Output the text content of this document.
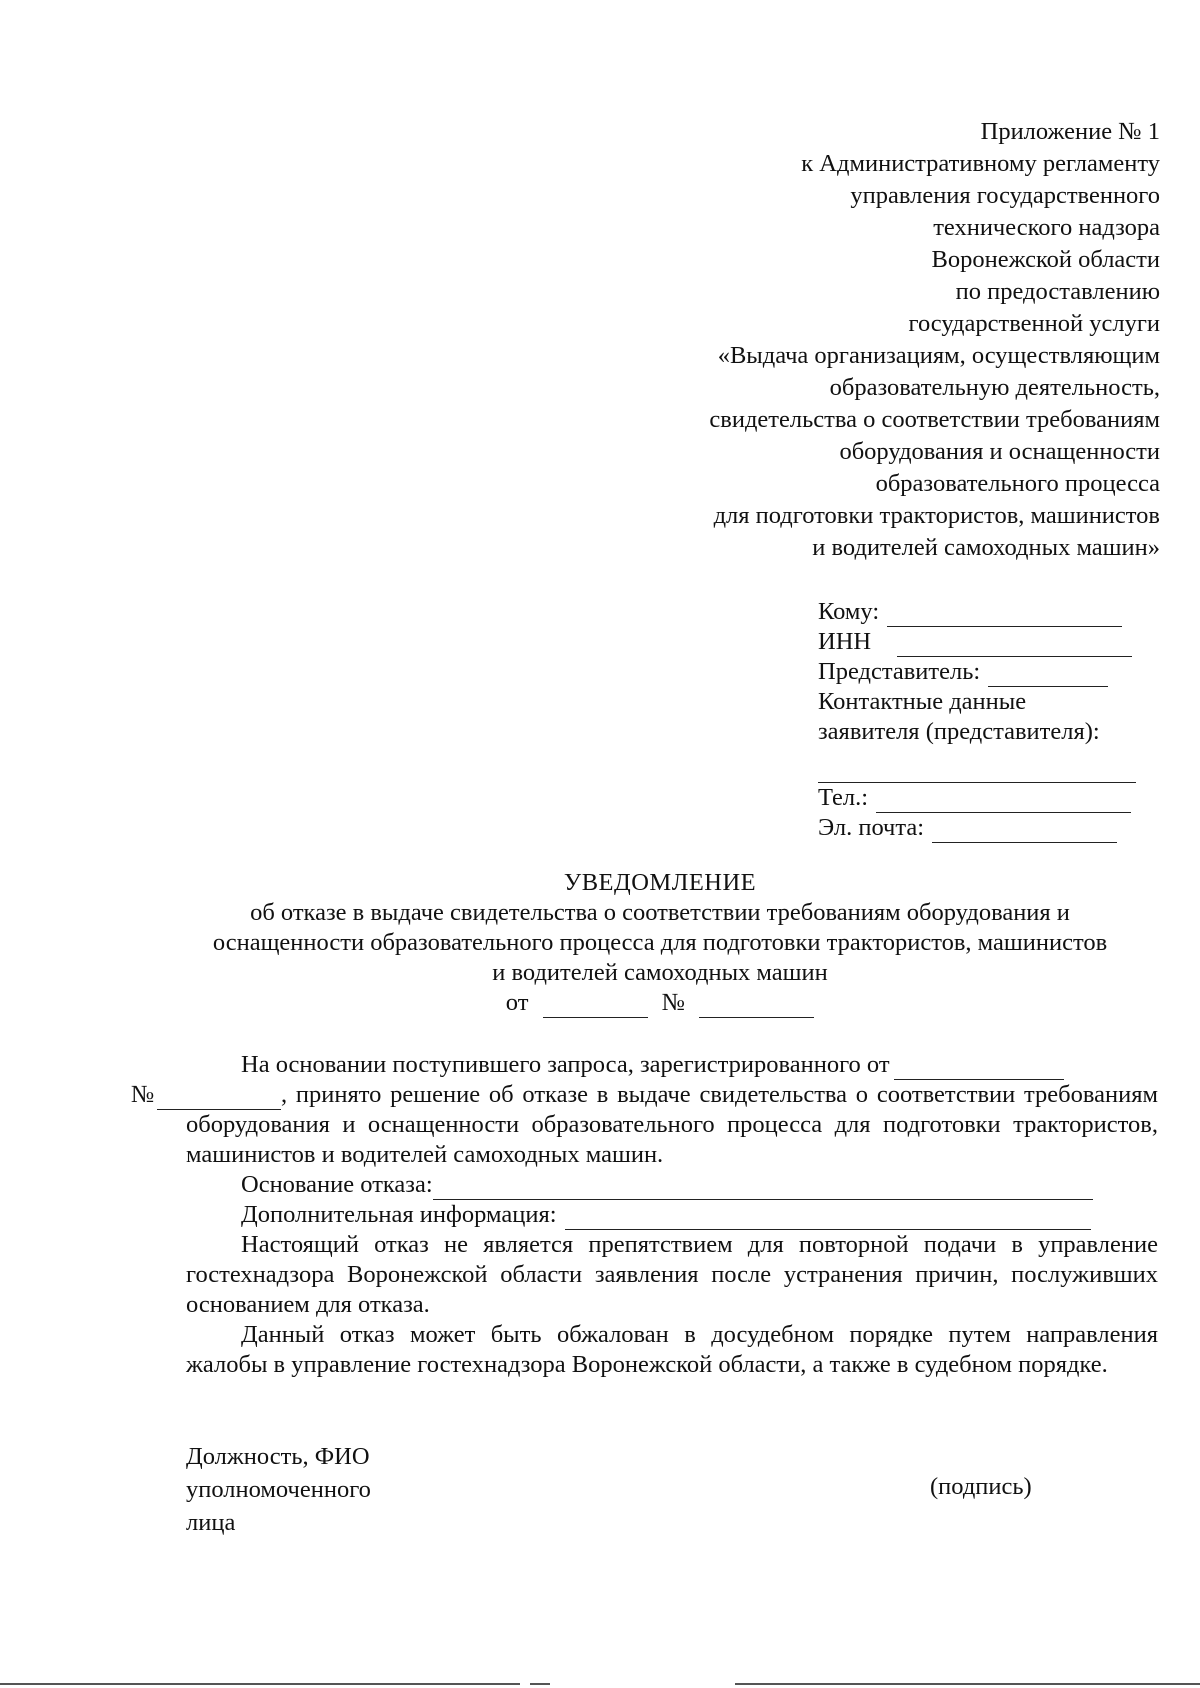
Приложение № 1
к Административному регламенту
управления государственного
технического надзора
Воронежской области
по предоставлению
государственной услуги
«Выдача организациям, осуществляющим
образовательную деятельность,
свидетельства о соответствии требованиям
оборудования и оснащенности
образовательного процесса
для подготовки трактористов, машинистов
и водителей самоходных машин»
Кому:
ИНН
Представитель:
Контактные данные
заявителя (представителя):
Тел.:
Эл. почта:
УВЕДОМЛЕНИЕ
об отказе в выдаче свидетельства о соответствии требованиям оборудования и
оснащенности образовательного процесса для подготовки трактористов, машинистов
и водителей самоходных машин
от	№

На основании поступившего запроса, зарегистрированного от
№	, принято решение об отказе в выдаче свидетельства о соответствии требованиям оборудования и оснащенности образовательного процесса для подготовки трактористов, машинистов и водителей самоходных машин.

Основание отказа:
Дополнительная информация:

Настоящий отказ не является препятствием для повторной подачи в управление гостехнадзора Воронежской области заявления после устранения причин, послуживших основанием для отказа.

Данный отказ может быть обжалован в досудебном порядке путем направления жалобы в управление гостехнадзора Воронежской области, а также в судебном порядке.

Должность, ФИО
уполномоченного
лица
(подпись)
